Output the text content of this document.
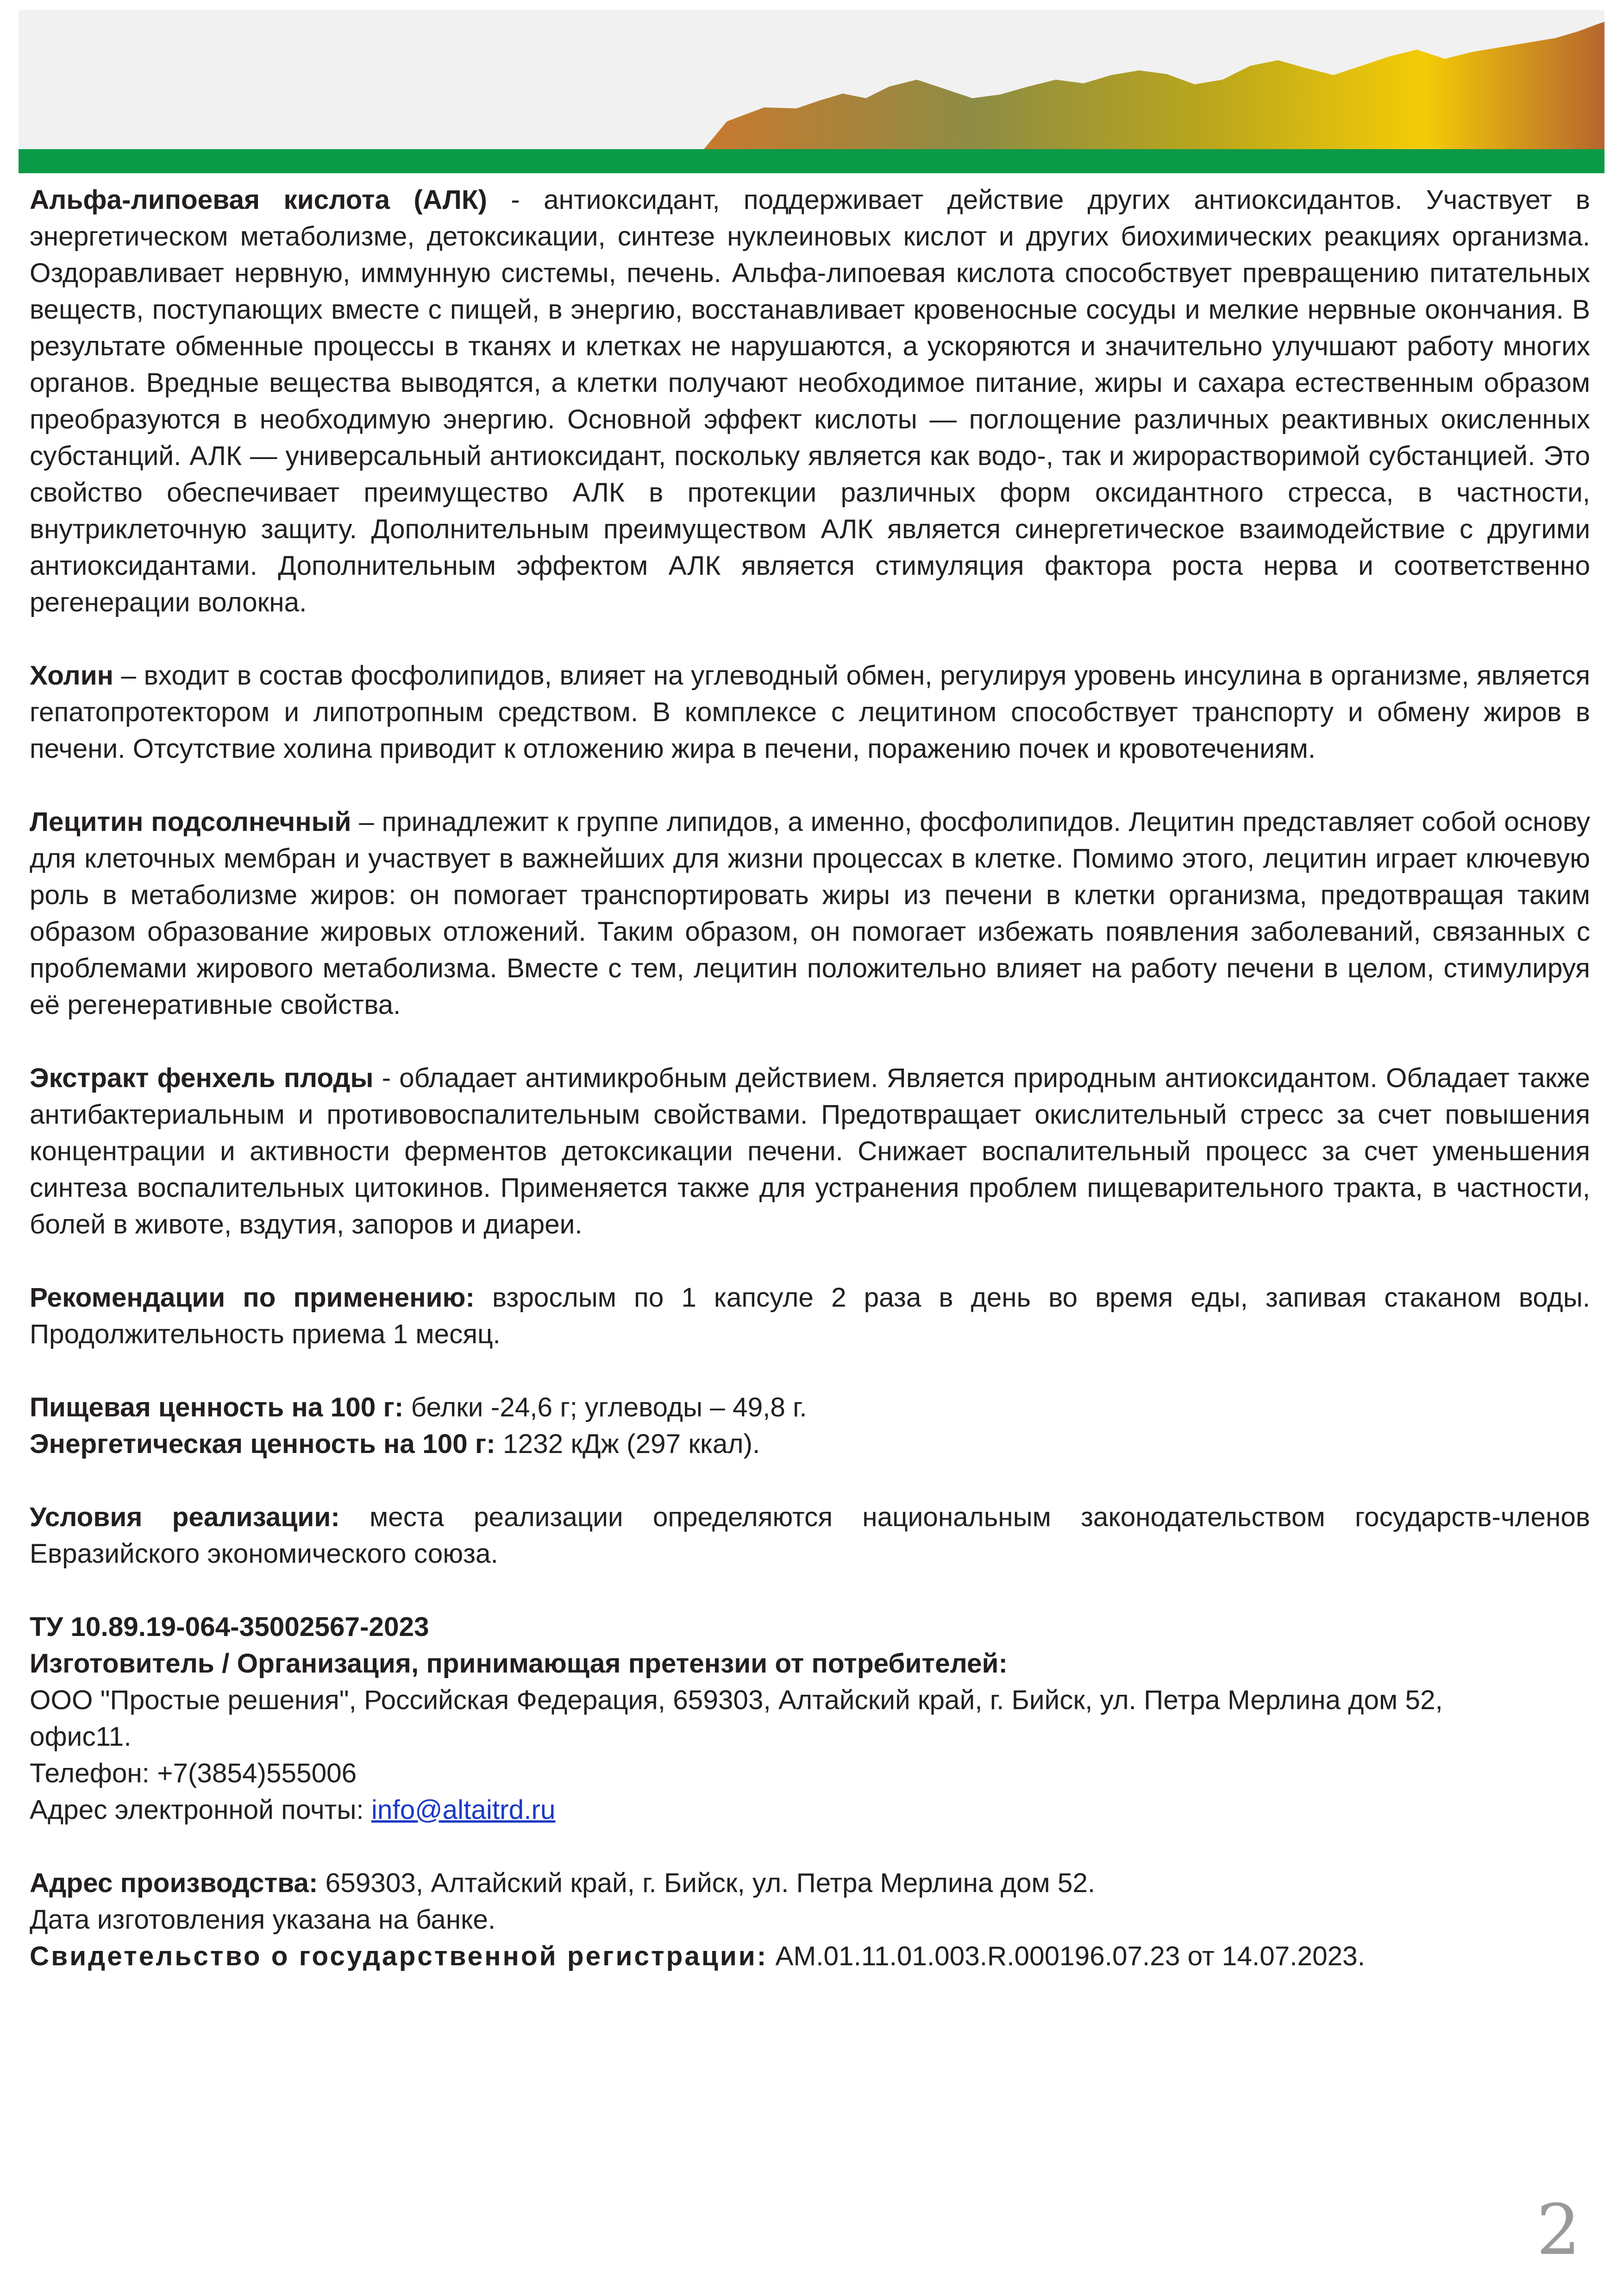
Альфа-липоевая кислота (АЛК) - антиоксидант, поддерживает действие других антиоксидантов. Участвует в энергетическом метаболизме, детоксикации, синтезе нуклеиновых кислот и других биохимических реакциях организма. Оздоравливает нервную, иммунную системы, печень. Альфа-липоевая кислота способствует превращению питательных веществ, поступающих вместе с пищей, в энергию, восстанавливает кровеносные сосуды и мелкие нервные окончания. В результате обменные процессы в тканях и клетках не нарушаются, а ускоряются и значительно улучшают работу многих органов. Вредные вещества выводятся, а клетки получают необходимое питание, жиры и сахара естественным образом преобразуются в необходимую энергию. Основной эффект кислоты — поглощение различных реактивных окисленных субстанций. АЛК — универсальный антиоксидант, поскольку является как водо-, так и жирорастворимой субстанцией. Это свойство обеспечивает преимущество АЛК в протекции различных форм оксидантного стресса, в частности, внутриклеточную защиту. Дополнительным преимуществом АЛК является синергетическое взаимодействие с другими антиоксидантами. Дополнительным эффектом АЛК является стимуляция фактора роста нерва и соответственно регенерации волокна.

Холин – входит в состав фосфолипидов, влияет на углеводный обмен, регулируя уровень инсулина в организме, является гепатопротектором и липотропным средством. В комплексе с лецитином способствует транспорту и обмену жиров в печени. Отсутствие холина приводит к отложению жира в печени, поражению почек и кровотечениям.

Лецитин подсолнечный – принадлежит к группе липидов, а именно, фосфолипидов. Лецитин представляет собой основу для клеточных мембран и участвует в важнейших для жизни процессах в клетке. Помимо этого, лецитин играет ключевую роль в метаболизме жиров: он помогает транспортировать жиры из печени в клетки организма, предотвращая таким образом образование жировых отложений. Таким образом, он помогает избежать появления заболеваний, связанных с проблемами жирового метаболизма. Вместе с тем, лецитин положительно влияет на работу печени в целом, стимулируя её регенеративные свойства.

Экстракт фенхель плоды - обладает антимикробным действием. Является природным антиоксидантом. Обладает также антибактериальным и противовоспалительным свойствами. Предотвращает окислительный стресс за счет повышения концентрации и активности ферментов детоксикации печени. Снижает воспалительный процесс за счет уменьшения синтеза воспалительных цитокинов. Применяется также для устранения проблем пищеварительного тракта, в частности, болей в животе, вздутия, запоров и диареи.

Рекомендации по применению: взрослым по 1 капсуле 2 раза в день во время еды, запивая стаканом воды. Продолжительность приема 1 месяц.

Пищевая ценность на 100 г: белки -24,6 г; углеводы – 49,8 г.

Энергетическая ценность на 100 г: 1232 кДж (297 ккал).

Условия реализации: места реализации определяются национальным законодательством государств-членов Евразийского экономического союза.

ТУ 10.89.19-064-35002567-2023

Изготовитель / Организация, принимающая претензии от потребителей:

ООО "Простые решения", Российская Федерация, 659303, Алтайский край, г. Бийск, ул. Петра Мерлина дом 52,

офис11.

Телефон: +7(3854)555006

Адрес электронной почты: info@altaitrd.ru

Адрес производства: 659303, Алтайский край, г. Бийск, ул. Петра Мерлина дом 52.

Дата изготовления указана на банке.

Свидетельство о государственной регистрации: АМ.01.11.01.003.R.000196.07.23 от 14.07.2023.

2
